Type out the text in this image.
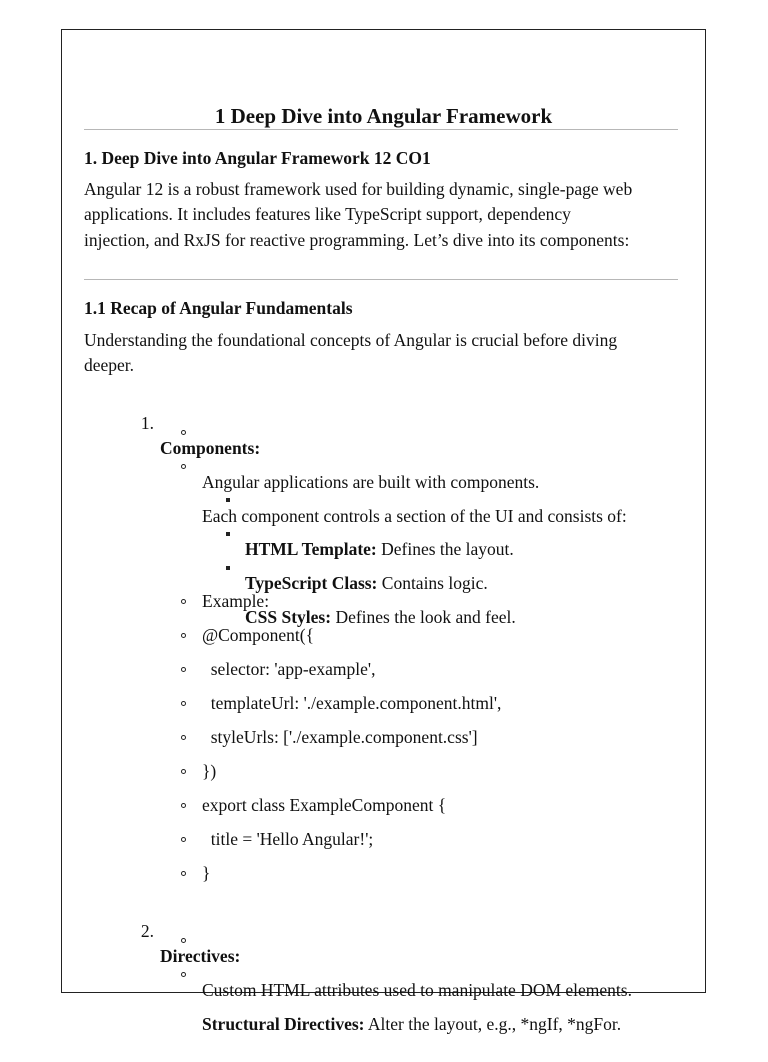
1 Deep Dive into Angular Framework
1. Deep Dive into Angular Framework 12 CO1
Angular 12 is a robust framework used for building dynamic, single-page web
applications. It includes features like TypeScript support, dependency
injection, and RxJS for reactive programming. Let’s dive into its components:
1.1 Recap of Angular Fundamentals
Understanding the foundational concepts of Angular is crucial before diving
deeper.

1.

Components:

Angular applications are built with components.

Each component controls a section of the UI and consists of:

HTML Template: Defines the layout.

TypeScript Class: Contains logic.

CSS Styles: Defines the look and feel.

Example:
@Component({
selector: 'app-example',
templateUrl: './example.component.html',
styleUrls: ['./example.component.css']
})
export class ExampleComponent {
title = 'Hello Angular!';
}

2.

Directives:

Custom HTML attributes used to manipulate DOM elements.

Structural Directives: Alter the layout, e.g., *ngIf, *ngFor.
